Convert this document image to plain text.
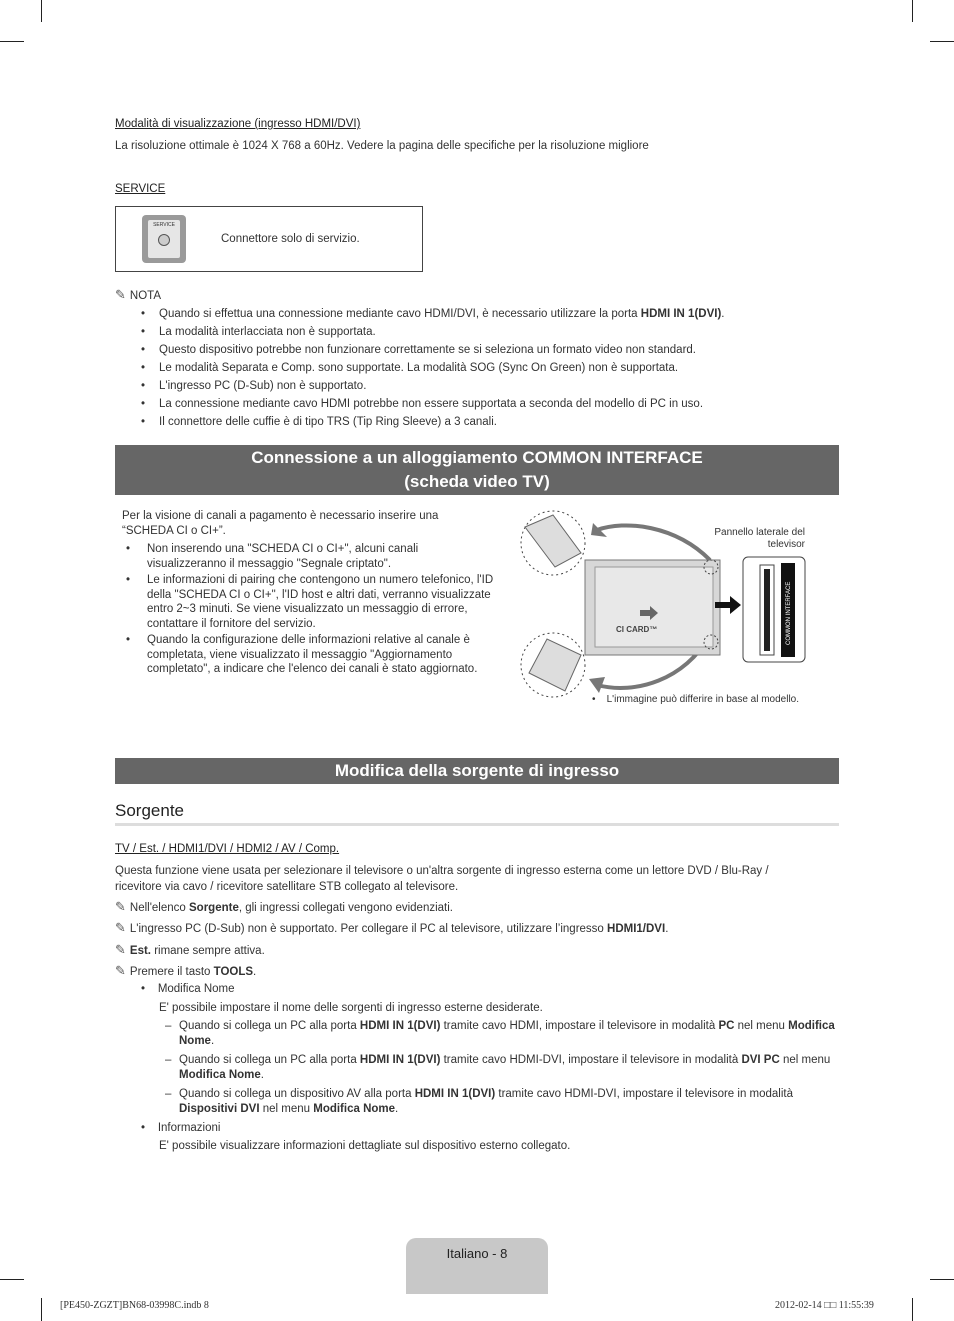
Modalità di visualizzazione (ingresso HDMI/DVI)
La risoluzione ottimale è 1024 X 768 a 60Hz. Vedere la pagina delle specifiche per la risoluzione migliore
SERVICE
SERVICE
Connettore solo di servizio.
✎ NOTA
• Quando si effettua una connessione mediante cavo HDMI/DVI, è necessario utilizzare la porta HDMI IN 1(DVI).
• La modalità interlacciata non è supportata.
• Questo dispositivo potrebbe non funzionare correttamente se si seleziona un formato video non standard.
• Le modalità Separata e Comp. sono supportate. La modalità SOG (Sync On Green) non è supportata.
• L'ingresso PC (D-Sub) non è supportato.
• La connessione mediante cavo HDMI potrebbe non essere supportata a seconda del modello di PC in uso.
• Il connettore delle cuffie è di tipo TRS (Tip Ring Sleeve) a 3 canali.
Connessione a un alloggiamento COMMON INTERFACE
(scheda video TV)
Per la visione di canali a pagamento è necessario inserire una “SCHEDA CI o CI+”.
• Non inserendo una "SCHEDA CI o CI+", alcuni canali visualizzeranno il messaggio "Segnale criptato".
• Le informazioni di pairing che contengono un numero telefonico, l'ID della "SCHEDA CI o CI+", l'ID host e altri dati, verranno visualizzate entro 2~3 minuti. Se viene visualizzato un messaggio di errore, contattare il fornitore del servizio.
• Quando la configurazione delle informazioni relative al canale è completata, viene visualizzato il messaggio "Aggiornamento completato", a indicare che l'elenco dei canali è stato aggiornato.
CI CARD™	COMMON INTERFACE
Pannello laterale del televisor
•    L'immagine può differire in base al modello.
Modifica della sorgente di ingresso
Sorgente
TV / Est. / HDMI1/DVI / HDMI2 / AV / Comp.
Questa funzione viene usata per selezionare il televisore o un'altra sorgente di ingresso esterna come un lettore DVD / Blu-Ray / ricevitore via cavo / ricevitore satellitare STB collegato al televisore.
✎ Nell'elenco Sorgente, gli ingressi collegati vengono evidenziati.
✎ L'ingresso PC (D-Sub) non è supportato. Per collegare il PC al televisore, utilizzare l’ingresso HDMI1/DVI.
✎ Est. rimane sempre attiva.
✎ Premere il tasto TOOLS.
•    Modifica Nome
E' possibile impostare il nome delle sorgenti di ingresso esterne desiderate.
– Quando si collega un PC alla porta HDMI IN 1(DVI) tramite cavo HDMI, impostare il televisore in modalità PC nel menu Modifica Nome.
– Quando si collega un PC alla porta HDMI IN 1(DVI) tramite cavo HDMI-DVI, impostare il televisore in modalità DVI PC nel menu Modifica Nome.
– Quando si collega un dispositivo AV alla porta HDMI IN 1(DVI) tramite cavo HDMI-DVI, impostare il televisore in modalità Dispositivi DVI nel menu Modifica Nome.
•    Informazioni
E' possibile visualizzare informazioni dettagliate sul dispositivo esterno collegato.
Italiano - 8
[PE450-ZGZT]BN68-03998C.indb 8	2012-02-14 □□ 11:55:39
